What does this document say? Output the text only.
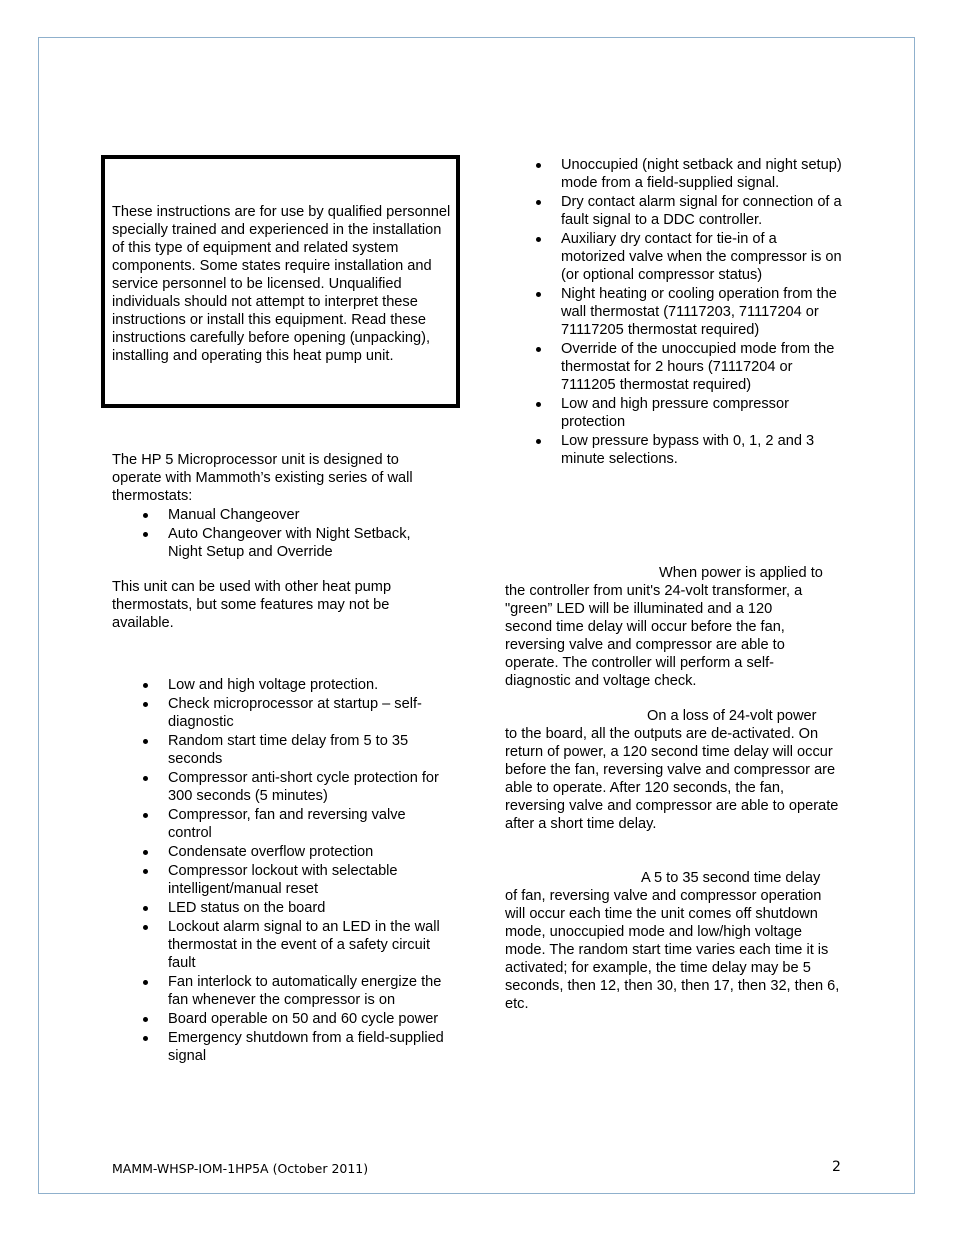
These instructions are for use by qualified personnel specially trained and experienced in the installation of this type of equipment and related system components. Some states require installation and service personnel to be licensed. Unqualified individuals should not attempt to interpret these instructions or install this equipment. Read these instructions carefully before opening (unpacking), installing and operating this heat pump unit.

The HP 5 Microprocessor unit is designed to operate with Mammoth’s existing series of wall thermostats:

Manual Changeover
Auto Changeover with Night Setback, Night Setup and Override

This unit can be used with other heat pump thermostats, but some features may not be available.

Low and high voltage protection.
Check microprocessor at startup – self-diagnostic
Random start time delay from 5 to 35 seconds
Compressor anti-short cycle protection for 300 seconds (5 minutes)
Compressor, fan and reversing valve control
Condensate overflow protection
Compressor lockout with selectable intelligent/manual reset
LED status on the board
Lockout alarm signal to an LED in the wall thermostat in the event of a safety circuit fault
Fan interlock to automatically energize the fan whenever the compressor is on
Board operable on 50 and 60 cycle power
Emergency shutdown from a field-supplied signal
Unoccupied (night setback and night setup) mode from a field-supplied signal.
Dry contact alarm signal for connection of a fault signal to a DDC controller.
Auxiliary dry contact for tie-in of a motorized valve when the compressor is on (or optional compressor status)
Night heating or cooling operation from the wall thermostat (71117203, 71117204 or 71117205 thermostat required)
Override of the unoccupied mode from the thermostat for 2 hours (71117204 or 7111205 thermostat required)
Low and high pressure compressor protection
Low pressure bypass with 0, 1, 2 and 3 minute selections.

When power is applied to

the controller from unit's 24-volt transformer, a "green” LED will be illuminated and a 120 second time delay will occur before the fan, reversing valve and compressor are able to operate. The controller will perform a self-diagnostic and voltage check.

On a loss of 24-volt power

to the board, all the outputs are de-activated. On return of power, a 120 second time delay will occur before the fan, reversing valve and compressor are able to operate. After 120 seconds, the fan, reversing valve and compressor are able to operate after a short time delay.

A 5 to 35 second time delay

of fan, reversing valve and compressor operation will occur each time the unit comes off shutdown mode, unoccupied mode and low/high voltage mode. The random start time varies each time it is activated; for example, the time delay may be 5 seconds, then 12, then 30, then 17, then 32, then 6, etc.

MAMM-WHSP-IOM-1HP5A (October 2011)	2
